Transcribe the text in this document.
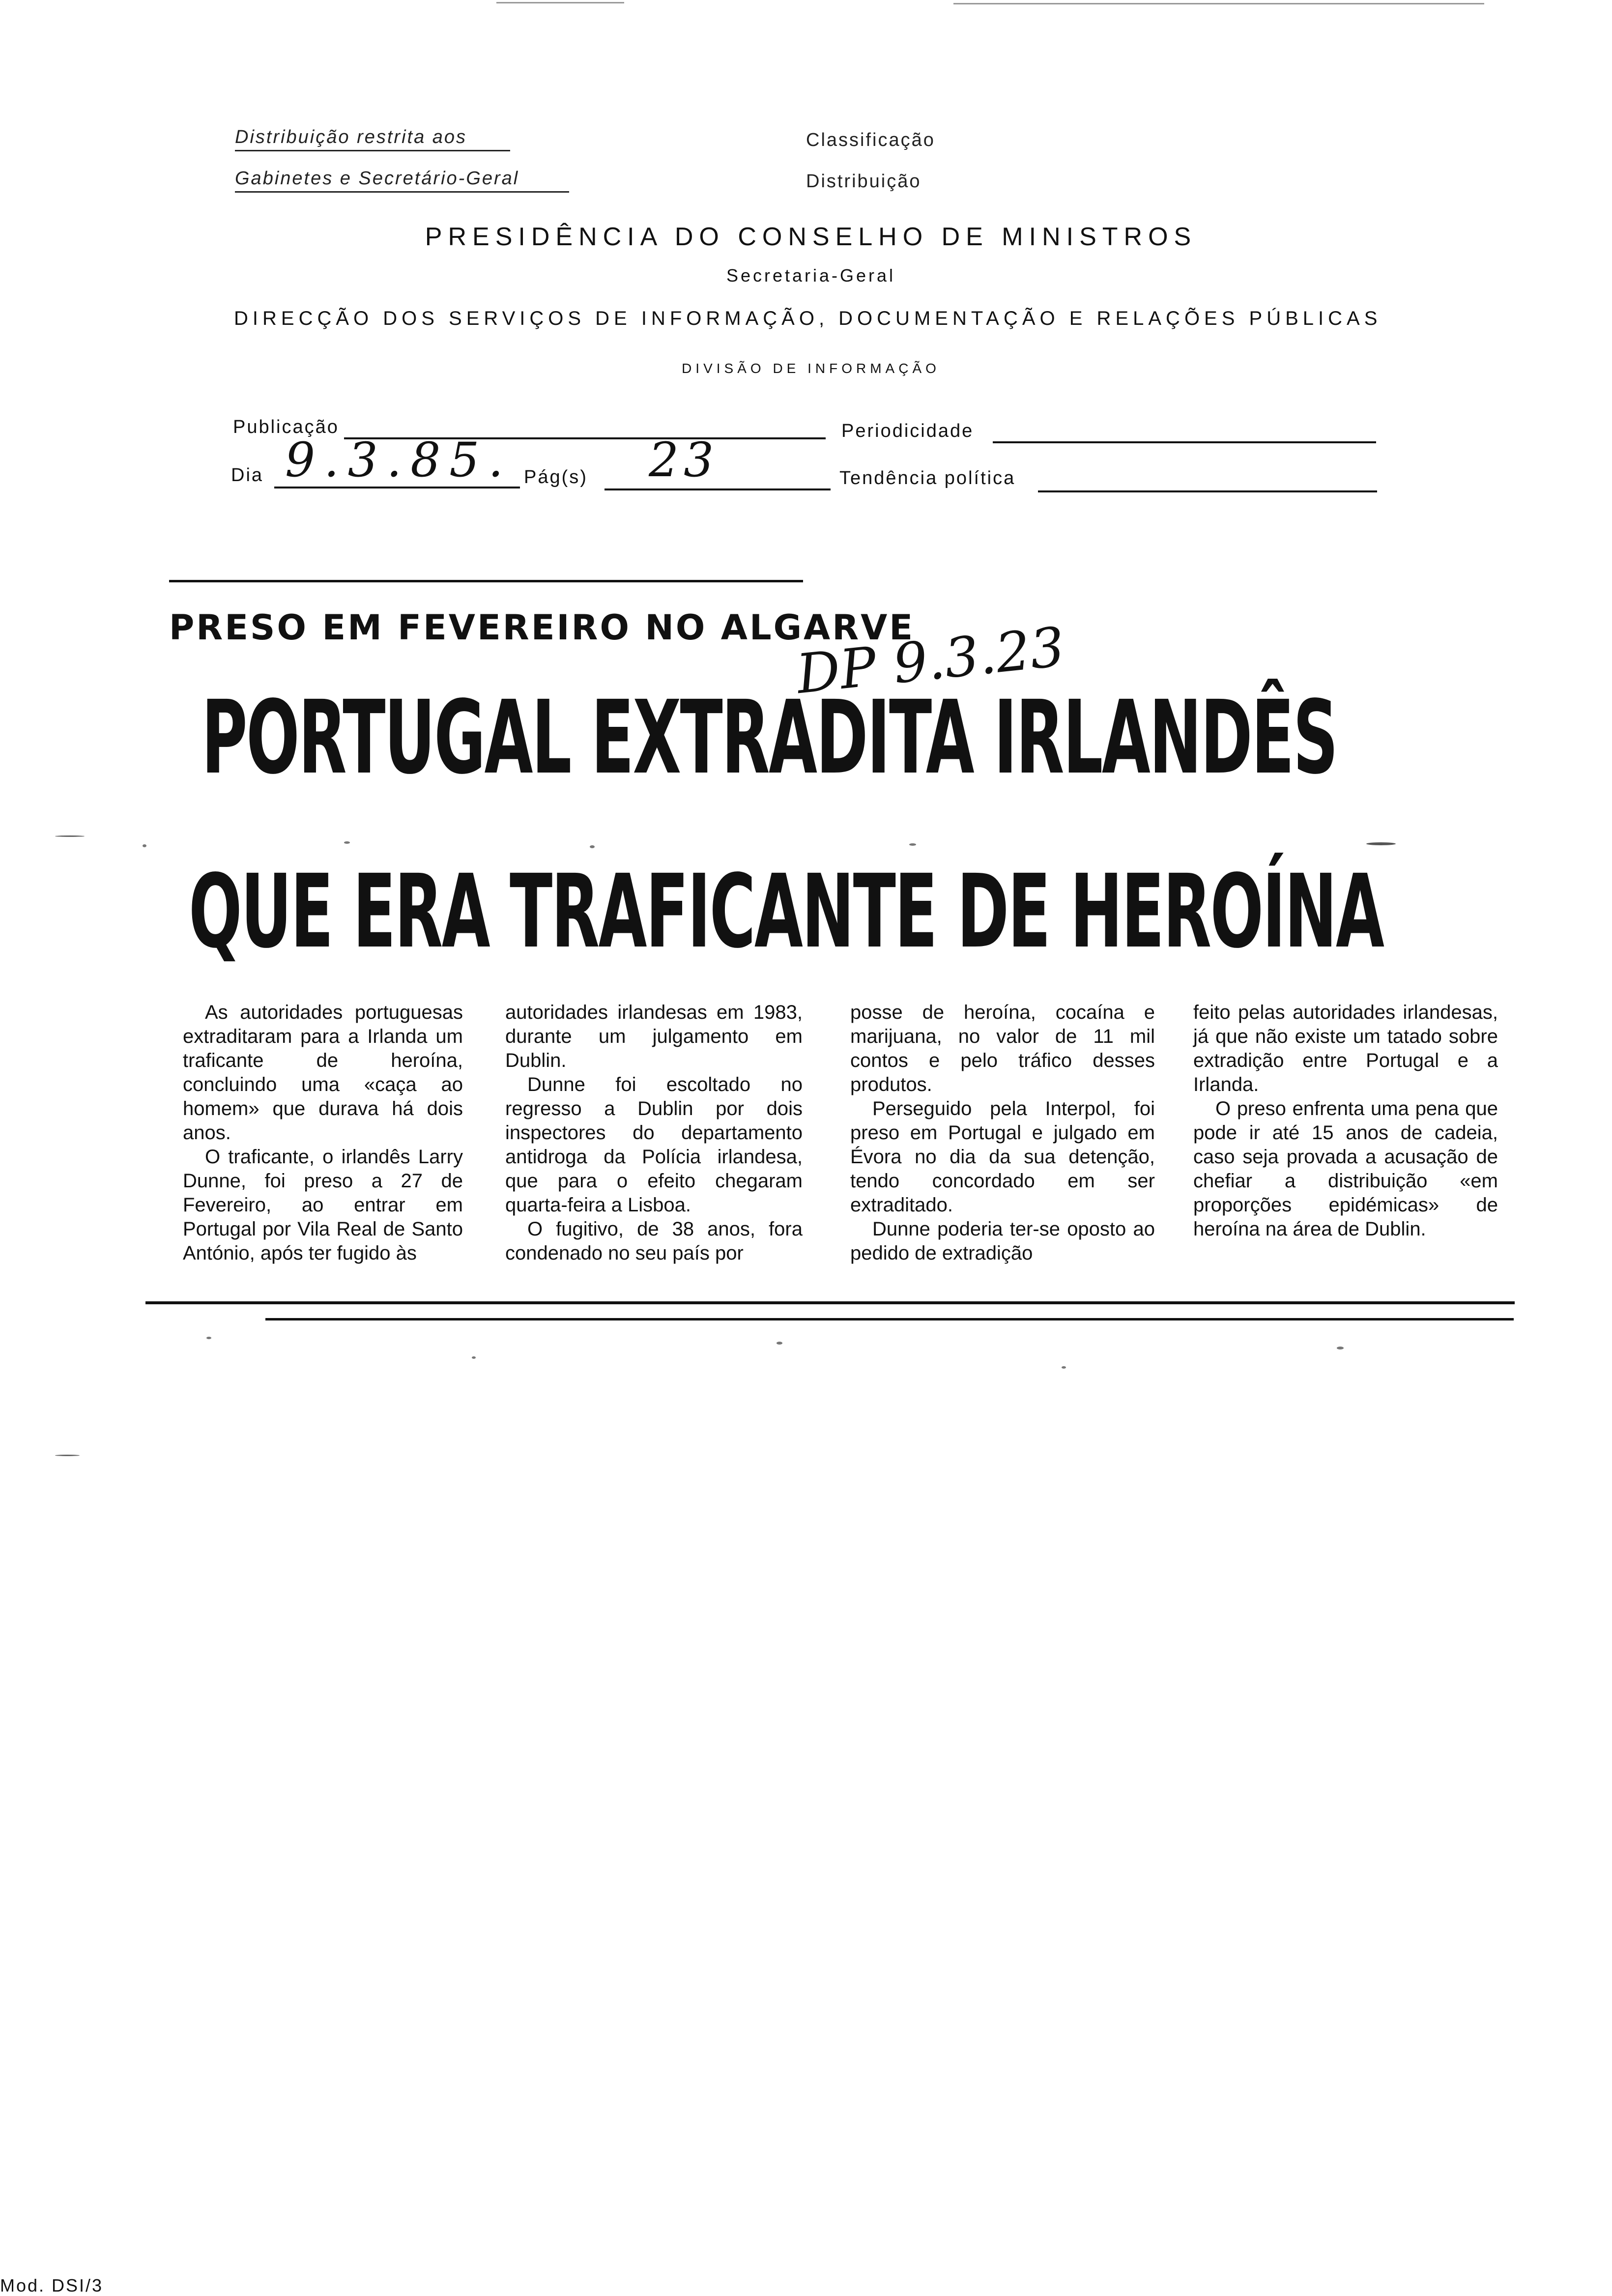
Distribuição restrita aos
Gabinetes e Secretário-Geral
Classificação
Distribuição
PRESIDÊNCIA DO CONSELHO DE MINISTROS
Secretaria-Geral
DIRECÇÃO DOS SERVIÇOS DE INFORMAÇÃO, DOCUMENTAÇÃO E RELAÇÕES PÚBLICAS
DIVISÃO DE INFORMAÇÃO
Publicação	Periodicidade
Dia 9.3.85. Pág(s) 23	Tendência política
PRESO EM FEVEREIRO NO ALGARVE
DP 9.3.23
PORTUGAL EXTRADITA IRLANDÊS
QUE ERA TRAFICANTE DE HEROÍNA

As autoridades portuguesas extraditaram para a Irlanda um traficante de heroína, concluindo uma «caça ao homem» que durava há dois anos.

O traficante, o irlandês Larry Dunne, foi preso a 27 de Fevereiro, ao entrar em Portugal por Vila Real de Santo António, após ter fugido às

autoridades irlandesas em 1983, durante um julgamento em Dublin.

Dunne foi escoltado no regresso a Dublin por dois inspectores do departamento antidroga da Polícia irlandesa, que para o efeito chegaram quarta-feira a Lisboa.

O fugitivo, de 38 anos, fora condenado no seu país por

posse de heroína, cocaína e marijuana, no valor de 11 mil contos e pelo tráfico desses produtos.

Perseguido pela Interpol, foi preso em Portugal e julgado em Évora no dia da sua detenção, tendo concordado em ser extraditado.

Dunne poderia ter-se oposto ao pedido de extradição

feito pelas autoridades irlandesas, já que não existe um tatado sobre extradição entre Portugal e a Irlanda.

O preso enfrenta uma pena que pode ir até 15 anos de cadeia, caso seja provada a acusação de chefiar a distribuição «em proporções epidémicas» de heroína na área de Dublin.

Mod. DSI/3
